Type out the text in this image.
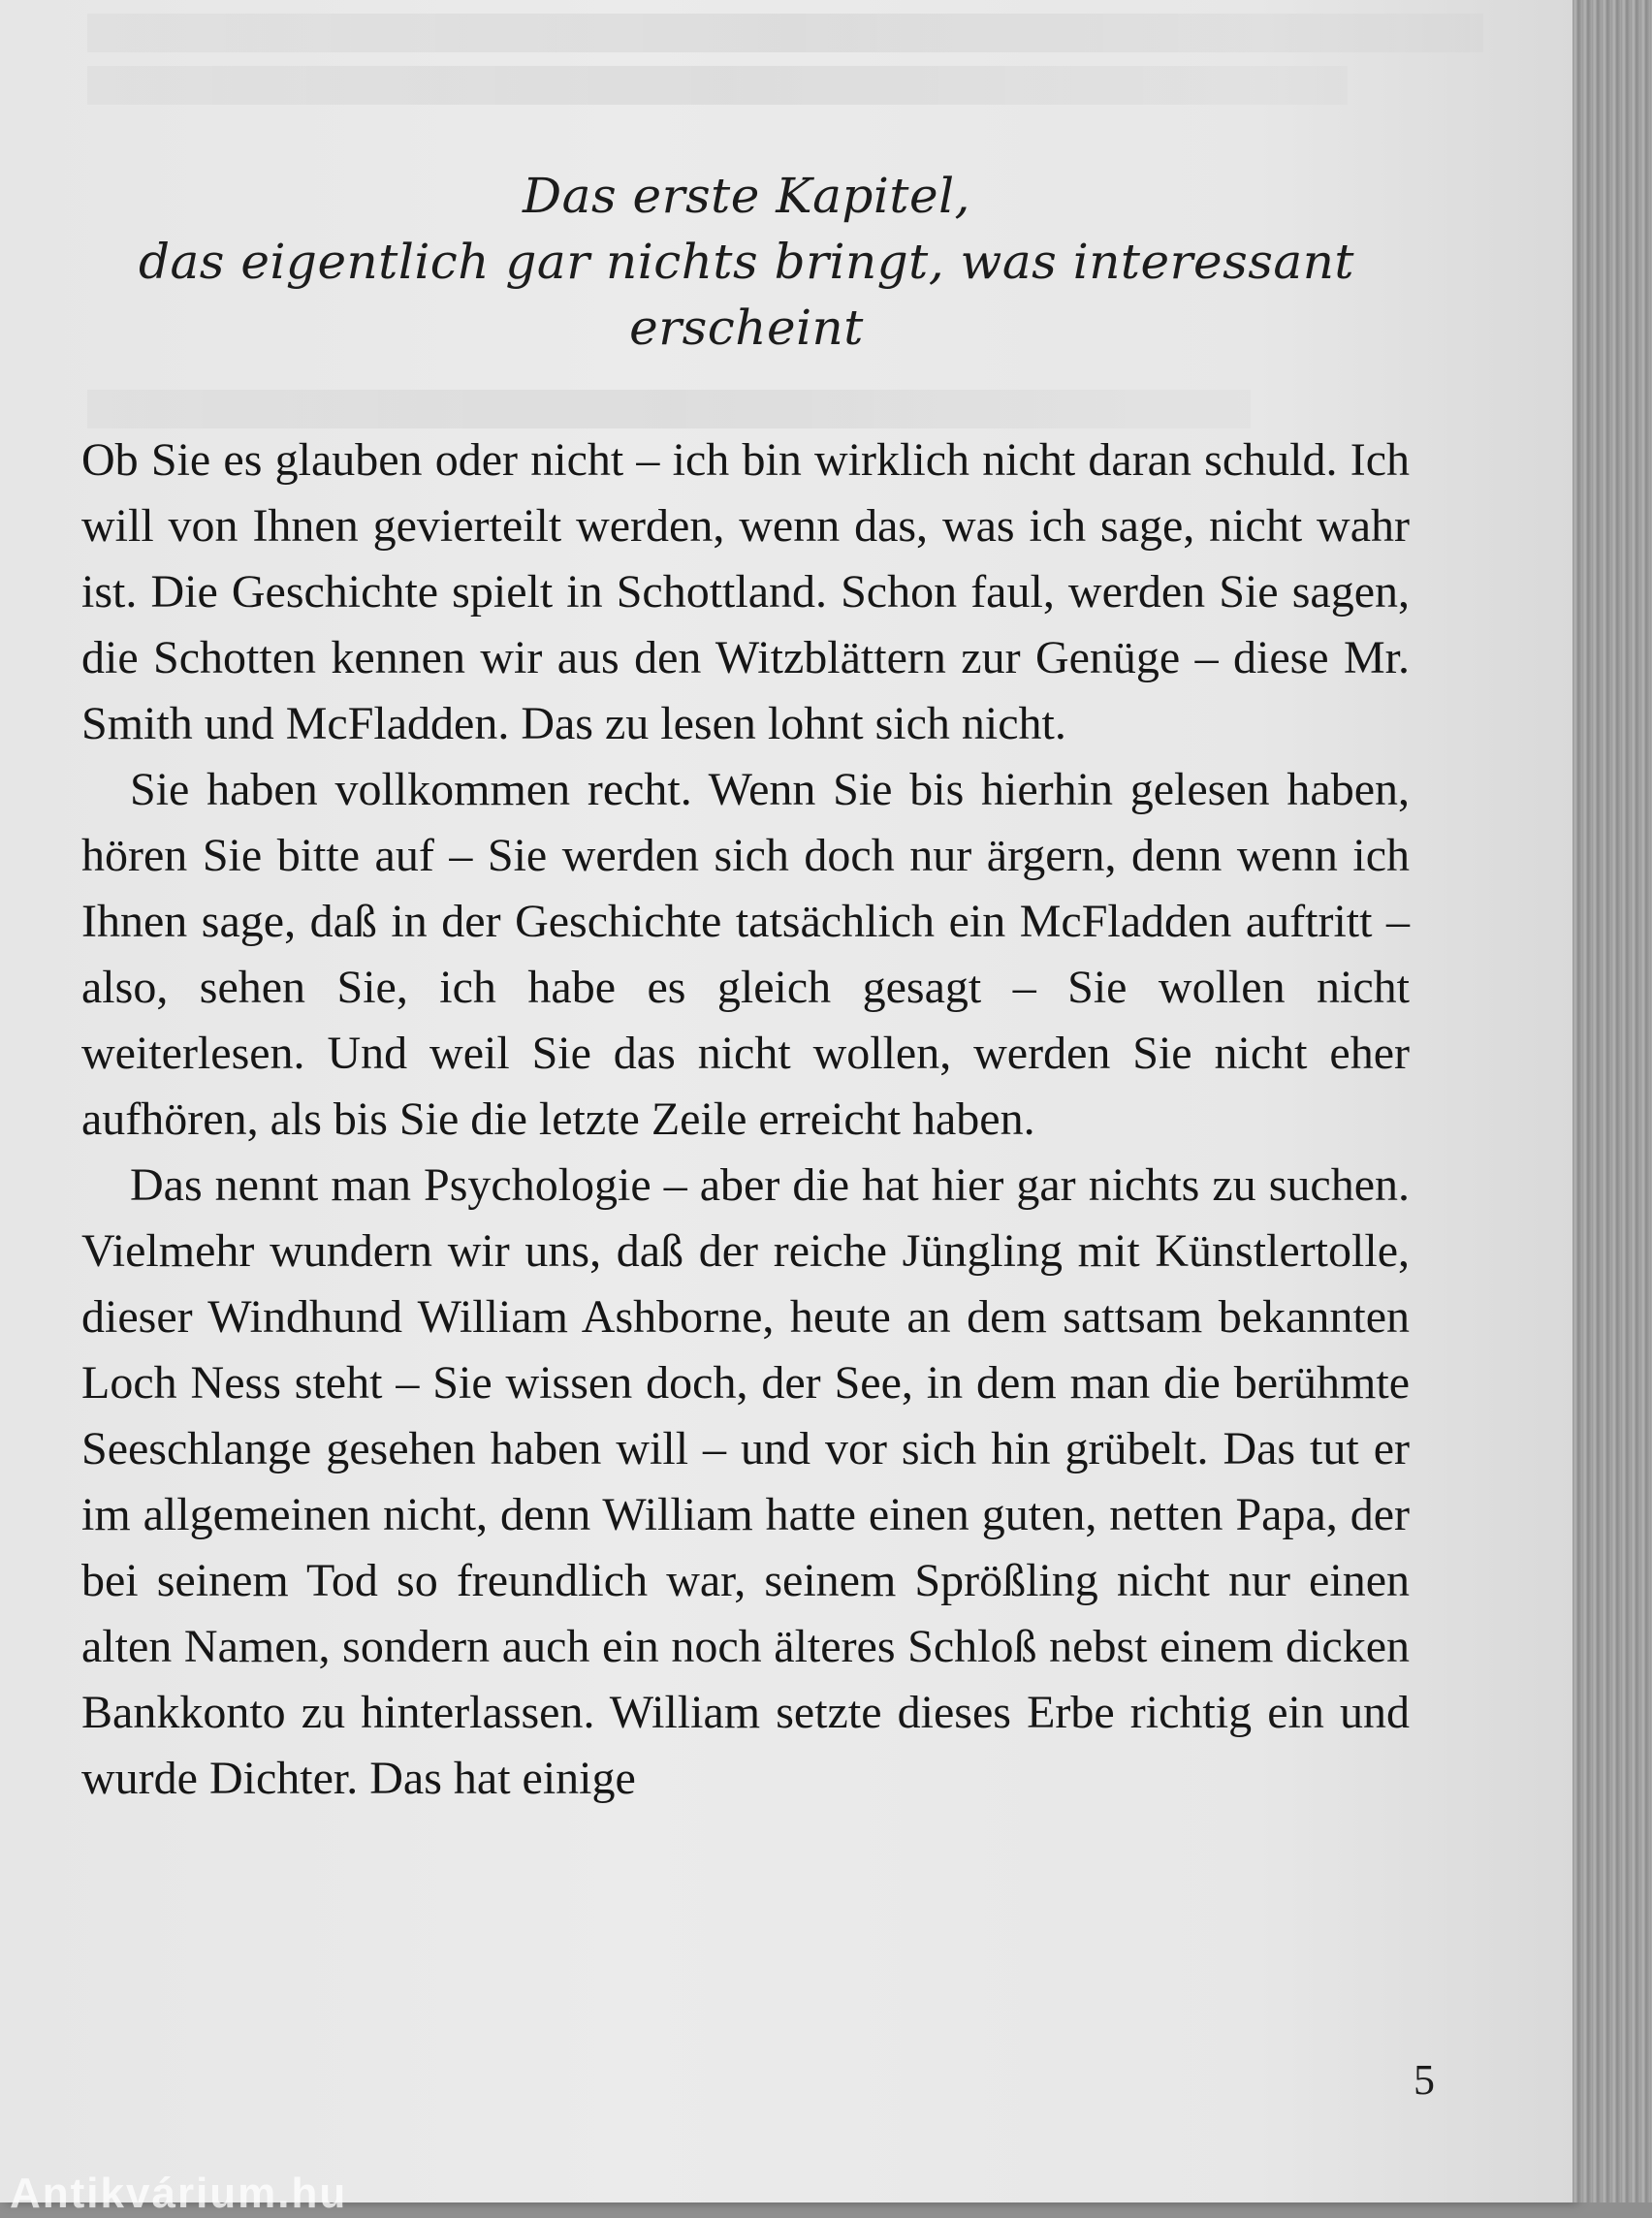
Das erste Kapitel,
das eigentlich gar nichts bringt, was interessant
erscheint

Ob Sie es glauben oder nicht – ich bin wirklich nicht daran schuld. Ich will von Ihnen gevierteilt werden, wenn das, was ich sage, nicht wahr ist. Die Geschichte spielt in Schottland. Schon faul, werden Sie sagen, die Schotten kennen wir aus den Witzblättern zur Genüge – diese Mr. Smith und McFladden. Das zu lesen lohnt sich nicht.

Sie haben vollkommen recht. Wenn Sie bis hierhin gelesen haben, hören Sie bitte auf – Sie werden sich doch nur ärgern, denn wenn ich Ihnen sage, daß in der Geschichte tatsächlich ein McFladden auftritt – also, sehen Sie, ich habe es gleich gesagt – Sie wollen nicht weiterlesen. Und weil Sie das nicht wollen, werden Sie nicht eher aufhören, als bis Sie die letzte Zeile erreicht haben.

Das nennt man Psychologie – aber die hat hier gar nichts zu suchen. Vielmehr wundern wir uns, daß der reiche Jüngling mit Künstlertolle, dieser Windhund William Ashborne, heute an dem sattsam bekannten Loch Ness steht – Sie wissen doch, der See, in dem man die berühmte Seeschlange gesehen haben will – und vor sich hin grübelt. Das tut er im allgemeinen nicht, denn William hatte einen guten, netten Papa, der bei seinem Tod so freundlich war, seinem Sprößling nicht nur einen alten Namen, sondern auch ein noch älteres Schloß nebst einem dicken Bankkonto zu hinterlassen. William setzte dieses Erbe richtig ein und wurde Dichter. Das hat einige

5
Antikvárium.hu
